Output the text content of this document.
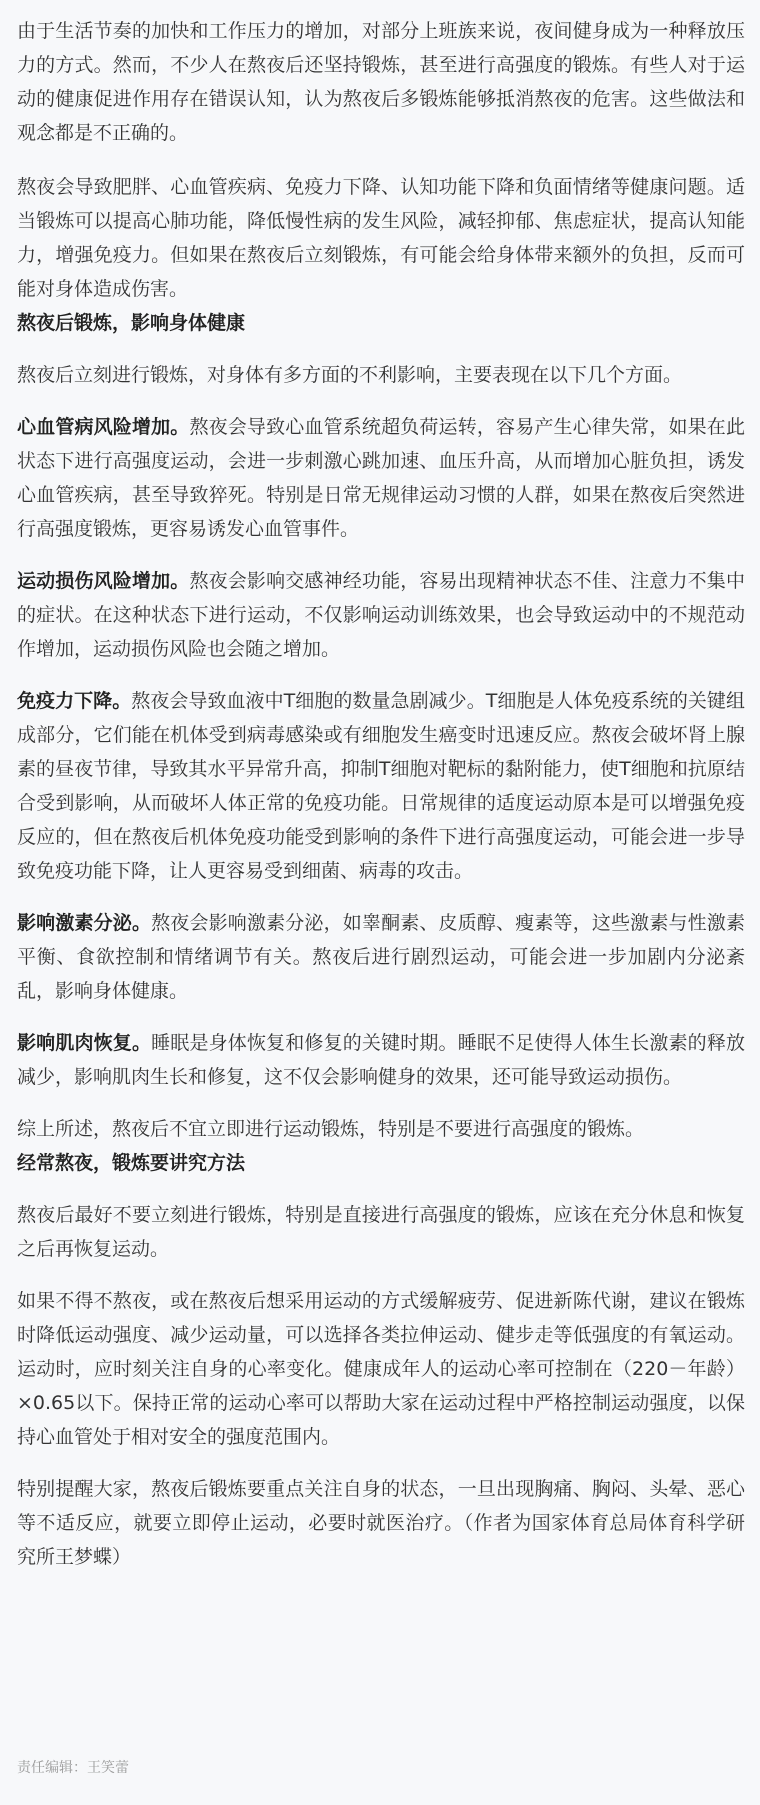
由于生活节奏的加快和工作压力的增加，对部分上班族来说，夜间健身成为一种释放压力的方式。然而，不少人在熬夜后还坚持锻炼，甚至进行高强度的锻炼。有些人对于运动的健康促进作用存在错误认知，认为熬夜后多锻炼能够抵消熬夜的危害。这些做法和观念都是不正确的。

熬夜会导致肥胖、心血管疾病、免疫力下降、认知功能下降和负面情绪等健康问题。适当锻炼可以提高心肺功能，降低慢性病的发生风险，减轻抑郁、焦虑症状，提高认知能力，增强免疫力。但如果在熬夜后立刻锻炼，有可能会给身体带来额外的负担，反而可能对身体造成伤害。

熬夜后锻炼，影响身体健康

熬夜后立刻进行锻炼，对身体有多方面的不利影响，主要表现在以下几个方面。

心血管病风险增加。熬夜会导致心血管系统超负荷运转，容易产生心律失常，如果在此状态下进行高强度运动，会进一步刺激心跳加速、血压升高，从而增加心脏负担，诱发心血管疾病，甚至导致猝死。特别是日常无规律运动习惯的人群，如果在熬夜后突然进行高强度锻炼，更容易诱发心血管事件。

运动损伤风险增加。熬夜会影响交感神经功能，容易出现精神状态不佳、注意力不集中的症状。在这种状态下进行运动，不仅影响运动训练效果，也会导致运动中的不规范动作增加，运动损伤风险也会随之增加。

免疫力下降。熬夜会导致血液中T细胞的数量急剧减少。T细胞是人体免疫系统的关键组成部分，它们能在机体受到病毒感染或有细胞发生癌变时迅速反应。熬夜会破坏肾上腺素的昼夜节律，导致其水平异常升高，抑制T细胞对靶标的黏附能力，使T细胞和抗原结合受到影响，从而破坏人体正常的免疫功能。日常规律的适度运动原本是可以增强免疫反应的，但在熬夜后机体免疫功能受到影响的条件下进行高强度运动，可能会进一步导致免疫功能下降，让人更容易受到细菌、病毒的攻击。

影响激素分泌。熬夜会影响激素分泌，如睾酮素、皮质醇、瘦素等，这些激素与性激素平衡、食欲控制和情绪调节有关。熬夜后进行剧烈运动，可能会进一步加剧内分泌紊乱，影响身体健康。

影响肌肉恢复。睡眠是身体恢复和修复的关键时期。睡眠不足使得人体生长激素的释放减少，影响肌肉生长和修复，这不仅会影响健身的效果，还可能导致运动损伤。

综上所述，熬夜后不宜立即进行运动锻炼，特别是不要进行高强度的锻炼。

经常熬夜，锻炼要讲究方法

熬夜后最好不要立刻进行锻炼，特别是直接进行高强度的锻炼，应该在充分休息和恢复之后再恢复运动。

如果不得不熬夜，或在熬夜后想采用运动的方式缓解疲劳、促进新陈代谢，建议在锻炼时降低运动强度、减少运动量，可以选择各类拉伸运动、健步走等低强度的有氧运动。运动时，应时刻关注自身的心率变化。健康成年人的运动心率可控制在（220－年龄）×0.65以下。保持正常的运动心率可以帮助大家在运动过程中严格控制运动强度，以保持心血管处于相对安全的强度范围内。

特别提醒大家，熬夜后锻炼要重点关注自身的状态，一旦出现胸痛、胸闷、头晕、恶心等不适反应，就要立即停止运动，必要时就医治疗。（作者为国家体育总局体育科学研究所王梦蝶）

责任编辑：王笑蕾
